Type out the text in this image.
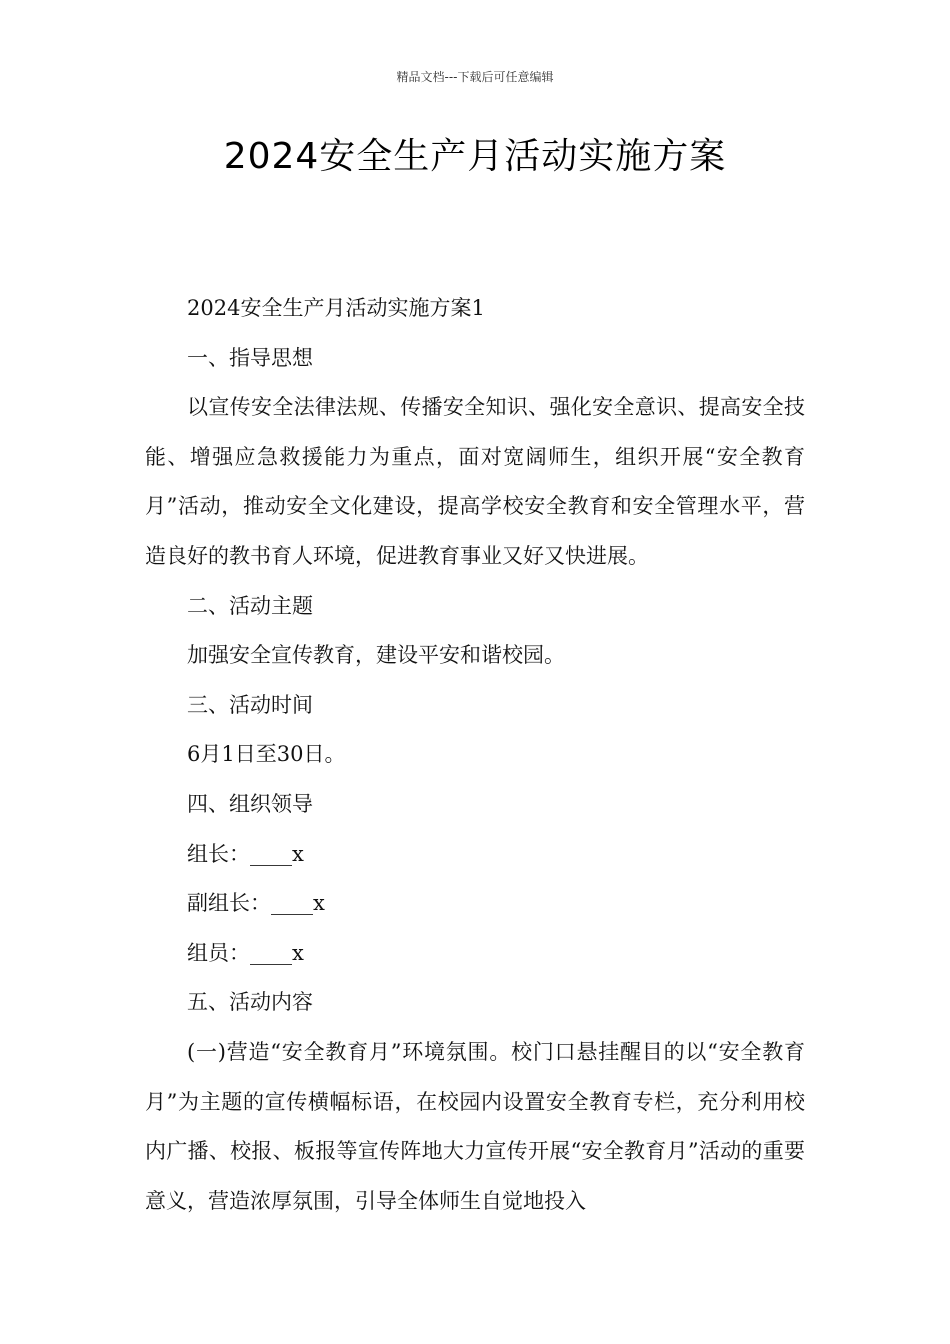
精品文档---下载后可任意编辑
2024安全生产月活动实施方案

2024安全生产月活动实施方案1

一、指导思想

以宣传安全法律法规、传播安全知识、强化安全意识、提高安全技能、增强应急救援能力为重点，面对宽阔师生，组织开展“安全教育月”活动，推动安全文化建设，提高学校安全教育和安全管理水平，营造良好的教书育人环境，促进教育事业又好又快进展。

二、活动主题

加强安全宣传教育，建设平安和谐校园。

三、活动时间

6月1日至30日。

四、组织领导

组长：____x

副组长：____x

组员：____x

五、活动内容

(一)营造“安全教育月”环境氛围。校门口悬挂醒目的以“安全教育月”为主题的宣传横幅标语，在校园内设置安全教育专栏，充分利用校内广播、校报、板报等宣传阵地大力宣传开展“安全教育月”活动的重要意义，营造浓厚氛围，引导全体师生自觉地投入
